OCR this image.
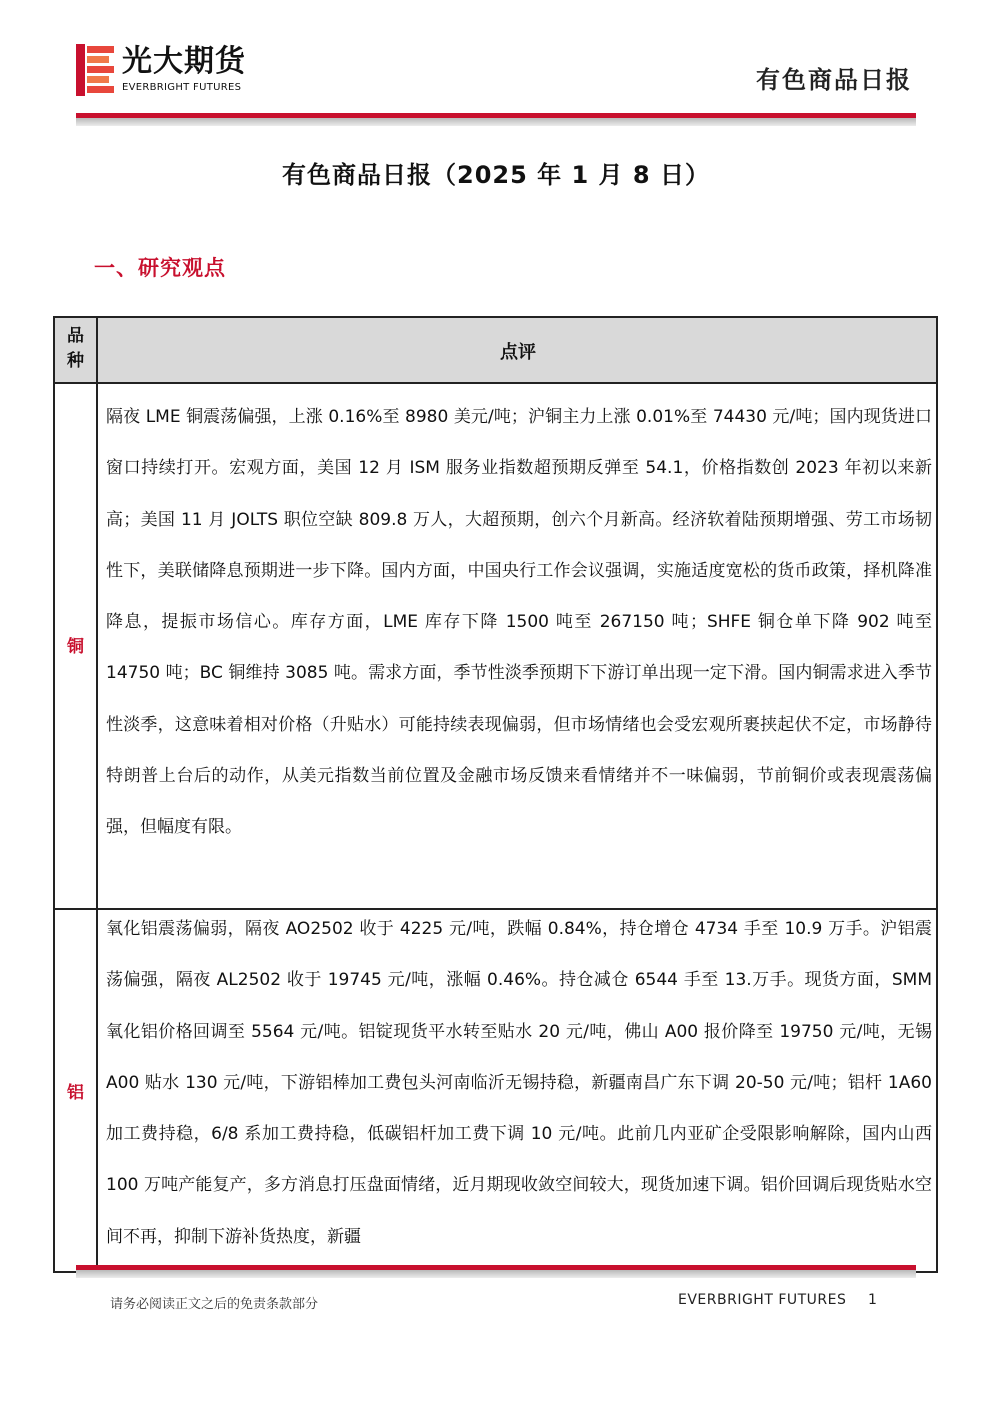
光大期货
EVERBRIGHT FUTURES	有色商品日报
有色商品日报（2025 年 1 月 8 日）
一、研究观点
品
种	点评
铜
隔夜 LME 铜震荡偏强，上涨 0.16%至 8980 美元/吨；沪铜主力上涨 0.01%至 74430 元/吨；国内现货进口窗口持续打开。宏观方面，美国 12 月 ISM 服务业指数超预期反弹至 54.1，价格指数创 2023 年初以来新高；美国 11 月 JOLTS 职位空缺 809.8 万人，大超预期，创六个月新高。经济软着陆预期增强、劳工市场韧性下，美联储降息预期进一步下降。国内方面，中国央行工作会议强调，实施适度宽松的货币政策，择机降准降息，提振市场信心。库存方面，LME 库存下降 1500 吨至 267150 吨；SHFE 铜仓单下降 902 吨至 14750 吨；BC 铜维持 3085 吨。需求方面，季节性淡季预期下下游订单出现一定下滑。国内铜需求进入季节性淡季，这意味着相对价格（升贴水）可能持续表现偏弱，但市场情绪也会受宏观所裹挟起伏不定，市场静待特朗普上台后的动作，从美元指数当前位置及金融市场反馈来看情绪并不一味偏弱，节前铜价或表现震荡偏强，但幅度有限。
铝
氧化铝震荡偏弱，隔夜 AO2502 收于 4225 元/吨，跌幅 0.84%，持仓增仓 4734 手至 10.9 万手。沪铝震荡偏强，隔夜 AL2502 收于 19745 元/吨，涨幅 0.46%。持仓减仓 6544 手至 13.万手。现货方面，SMM 氧化铝价格回调至 5564 元/吨。铝锭现货平水转至贴水 20 元/吨，佛山 A00 报价降至 19750 元/吨，无锡 A00 贴水 130 元/吨，下游铝棒加工费包头河南临沂无锡持稳，新疆南昌广东下调 20-50 元/吨；铝杆 1A60 加工费持稳，6/8 系加工费持稳，低碳铝杆加工费下调 10 元/吨。此前几内亚矿企受限影响解除，国内山西 100 万吨产能复产，多方消息打压盘面情绪，近月期现收敛空间较大，现货加速下调。铝价回调后现货贴水空间不再，抑制下游补货热度，新疆
请务必阅读正文之后的免责条款部分	EVERBRIGHT FUTURES 1
